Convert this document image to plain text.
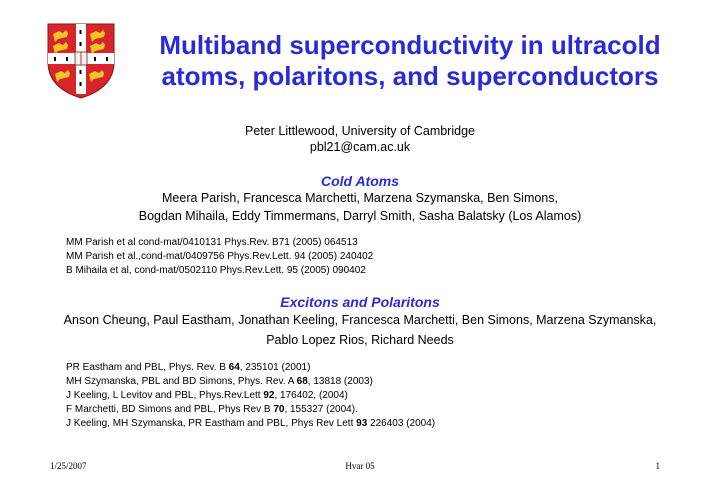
Multiband superconductivity in ultracold atoms, polaritons, and superconductors
Peter Littlewood, University of Cambridge
pbl21@cam.ac.uk
Cold Atoms
Meera Parish, Francesca Marchetti, Marzena Szymanska, Ben Simons,
Bogdan Mihaila, Eddy Timmermans, Darryl Smith, Sasha Balatsky (Los Alamos)
MM Parish et al cond-mat/0410131 Phys.Rev. B71 (2005) 064513
MM Parish et al.,cond-mat/0409756 Phys.Rev.Lett. 94 (2005) 240402
B Mihaila et al, cond-mat/0502110 Phys.Rev.Lett. 95 (2005) 090402
Excitons and Polaritons
Anson Cheung, Paul Eastham, Jonathan Keeling, Francesca Marchetti, Ben Simons, Marzena Szymanska,
Pablo Lopez Rios, Richard Needs
PR Eastham and PBL, Phys. Rev. B 64, 235101 (2001)
MH Szymanska, PBL and BD Simons, Phys. Rev. A 68, 13818 (2003)
J Keeling, L Levitov and PBL, Phys.Rev.Lett 92, 176402, (2004)
F Marchetti, BD Simons and PBL, Phys Rev B 70, 155327 (2004).
J Keeling, MH Szymanska, PR Eastham and PBL, Phys Rev Lett 93 226403 (2004)
1/25/2007	Hvar 05	1
